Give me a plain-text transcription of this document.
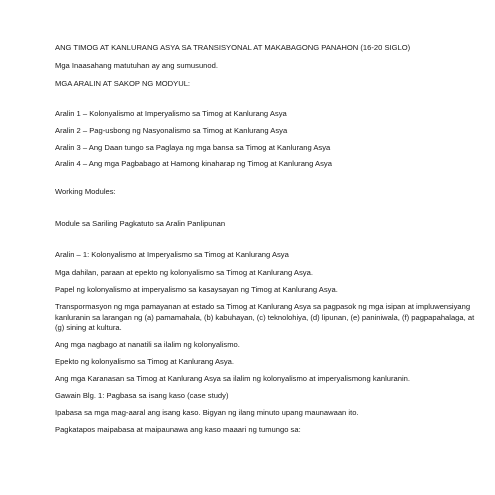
ANG TIMOG AT KANLURANG ASYA SA TRANSISYONAL AT MAKABAGONG PANAHON (16-20 SIGLO)
Mga Inaasahang matutuhan ay ang sumusunod.
MGA ARALIN AT SAKOP NG MODYUL:
Aralin 1 – Kolonyalismo at Imperyalismo sa Timog at Kanlurang Asya
Aralin 2 – Pag-usbong ng Nasyonalismo sa Timog at Kanlurang Asya
Aralin 3 – Ang Daan tungo sa Paglaya ng mga bansa sa Timog at Kanlurang Asya
Aralin 4 – Ang mga Pagbabago at Hamong kinaharap ng Timog at Kanlurang Asya
Working Modules:
Module sa Sariling Pagkatuto sa Aralin Panlipunan
Aralin – 1: Kolonyalismo at Imperyalismo sa Timog at Kanlurang Asya
Mga dahilan, paraan at epekto ng kolonyalismo sa Timog at Kanlurang Asya.
Papel ng kolonyalismo at imperyalismo sa kasaysayan ng Timog at Kanlurang Asya.
Transpormasyon ng mga pamayanan at estado sa Timog at Kanlurang Asya sa pagpasok ng mga isipan at impluwensiyang kanluranin sa larangan ng (a) pamamahala, (b) kabuhayan, (c) teknolohiya, (d) lipunan, (e) paniniwala, (f) pagpapahalaga, at (g) sining at kultura.
Ang mga nagbago at nanatili sa ilalim ng kolonyalismo.
Epekto ng kolonyalismo sa Timog at Kanlurang Asya.
Ang mga Karanasan sa Timog at Kanlurang Asya sa ilalim ng kolonyalismo at imperyalismong kanluranin.
Gawain Blg. 1: Pagbasa sa isang kaso (case study)
Ipabasa sa mga mag-aaral ang isang kaso. Bigyan ng ilang minuto upang maunawaan ito.
Pagkatapos maipabasa at maipaunawa ang kaso maaari ng tumungo sa:
